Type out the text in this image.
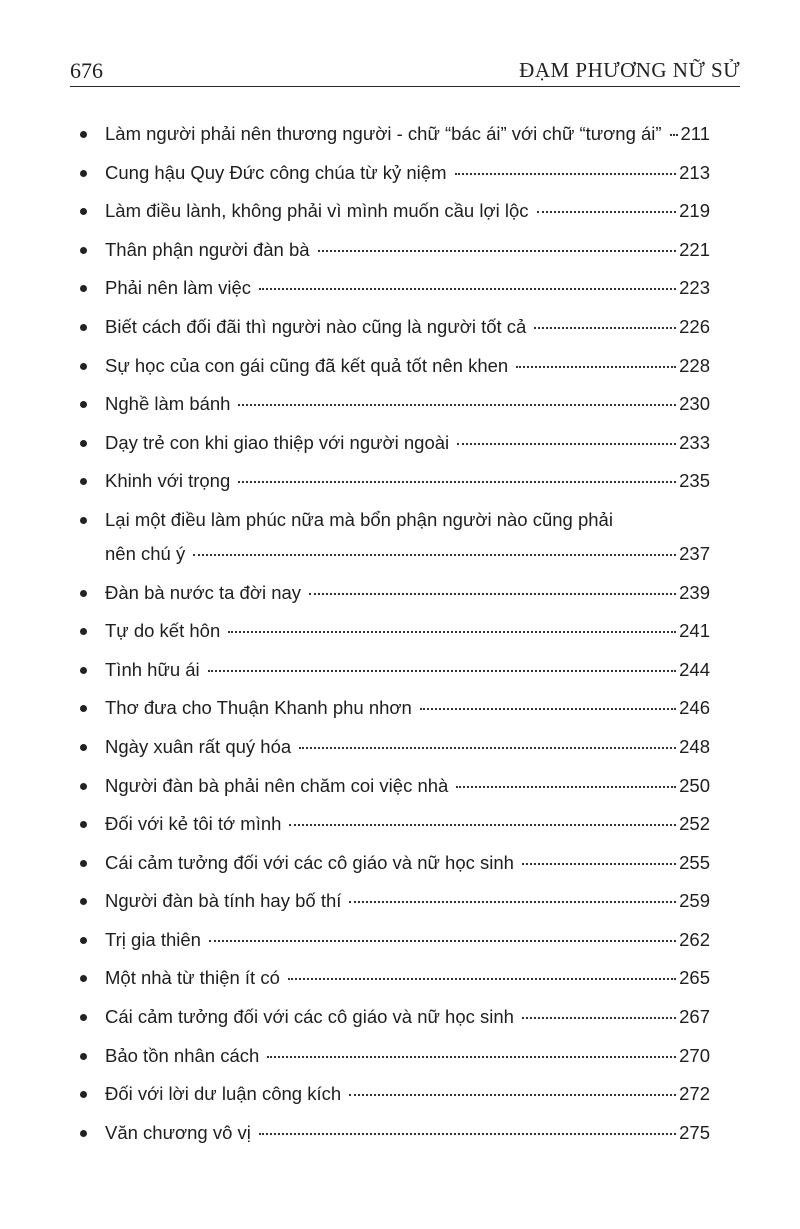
676	ĐẠM PHƯƠNG NỮ SỬ
Làm người phải nên thương người - chữ “bác ái” với chữ “tương ái” 211
Cung hậu Quy Đức công chúa từ kỷ niệm	213
Làm điều lành, không phải vì mình muốn cầu lợi lộc	219
Thân phận người đàn bà	221
Phải nên làm việc	223
Biết cách đối đãi thì người nào cũng là người tốt cả	226
Sự học của con gái cũng đã kết quả tốt nên khen	228
Nghề làm bánh	230
Dạy trẻ con khi giao thiệp với người ngoài	233
Khinh với trọng	235
Lại một điều làm phúc nữa mà bổn phận người nào cũng phải
nên chú ý	237
Đàn bà nước ta đời nay	239
Tự do kết hôn	241
Tình hữu ái	244
Thơ đưa cho Thuận Khanh phu nhơn	246
Ngày xuân rất quý hóa	248
Người đàn bà phải nên chăm coi việc nhà	250
Đối với kẻ tôi tớ mình	252
Cái cảm tưởng đối với các cô giáo và nữ học sinh	255
Người đàn bà tính hay bố thí	259
Trị gia thiên	262
Một nhà từ thiện ít có	265
Cái cảm tưởng đối với các cô giáo và nữ học sinh	267
Bảo tồn nhân cách	270
Đối với lời dư luận công kích	272
Văn chương vô vị	275
